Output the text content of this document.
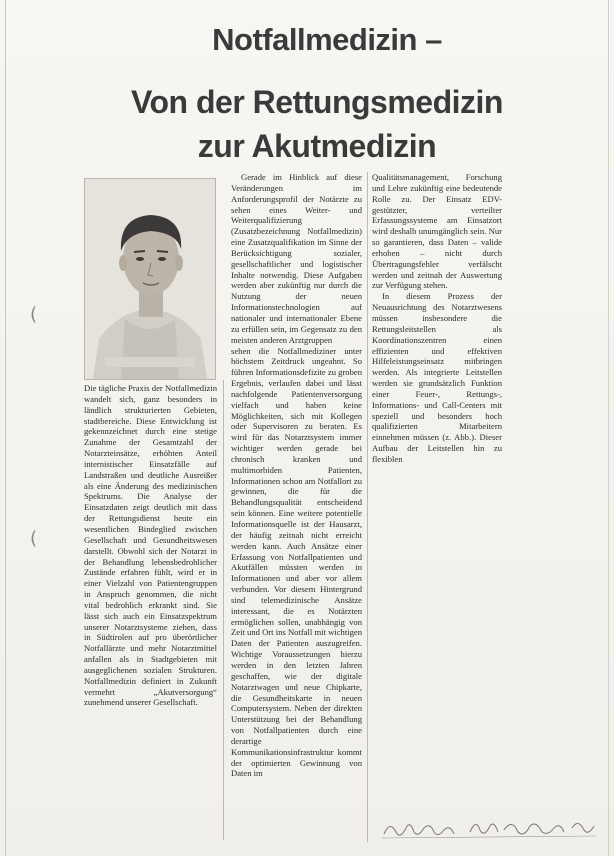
(
(
Notfallmedizin –
Von der Rettungsmedizin
zur Akutmedizin

Die tägliche Praxis der Notfallmedizin wandelt sich, ganz besonders in ländlich strukturierten Gebieten, stadtbereiche. Diese Entwicklung ist gekennzeichnet durch eine stetige Zunahme der Gesamtzahl der Notarzteinsätze, erhöhten Anteil internistischer Einsatzfälle auf Landstraßen und deutliche Ausreißer als eine Änderung des medizinischen Spektrums. Die Analyse der Einsatzdaten zeigt deutlich mit dass der Rettungsdienst heute ein wesentlichen Bindeglied zwischen Gesellschaft und Gesundheitswesen darstellt. Obwohl sich der Notarzt in der Behandlung lebensbedrohlicher Zustände erfahren fühlt, wird er in einer Vielzahl von Patientengruppen in Anspruch genommen, die nicht vital bedrohlich erkrankt sind. Sie lässt sich auch ein Einsatzspektrum unserer Notarztsysteme ziehen, dass in Südtirolen auf pro überörtlicher Notfallärzte und mehr Notarztmittel anfallen als in Stadtgebieten mit ausgeglichenen sozialen Strukturen. Notfallmedizin definiert in Zukunft vermehrt „Akutversorgung“ zunehmend unserer Gesellschaft.

Gerade im Hinblick auf diese Veränderungen im Anforderungsprofil der Notärzte zu sehen eines Weiter- und Weiterqualifizierung (Zusatzbezeichnung Notfallmedizin) eine Zusatzqualifikation im Sinne der Berücksichtigung sozialer, gesellschaftlicher und logistischer Inhalte notwendig. Diese Aufgaben werden aber zukünftig nur durch die Nutzung der neuen Informationstechnologien auf nationaler und internationaler Ebene zu erfüllen sein, im Gegensatz zu den meisten anderen Arztgruppen

sehen die Notfallmediziner unter höchstem Zeitdruck ungeahnt. So führen Informationsdefizite zu groben Ergebnis, verlaufen dabei und lässt nachfolgende Patientenversorgung vielfach und haben keine Möglichkeiten, sich mit Kollegen oder Supervisoren zu beraten. Es wird für das Notarztsystem immer wichtiger werden gerade bei chronisch kranken und multimorbiden Patienten, Informationen schon am Notfallort zu gewinnen, die für die Behandlungsqualität entscheidend sein können. Eine weitere potentielle Informationsquelle ist der Hausarzt, der häufig zeitnah nicht erreicht werden kann. Auch Ansätze einer Erfassung von Notfallpatienten und Akutfällen müssten werden in Informationen und aber vor allem verbunden. Vor diesem Hintergrund sind telemedizinische Ansätze interessant, die es Notärzten ermöglichen sollen, unabhängig von Zeit und Ort ins Notfall mit wichtigen Daten der Patienten auszugreifen. Wichtige Voraussetzungen hierzu werden in den letzten Jahren geschaffen, wie der digitale Notarztwagen und neue Chipkarte, die Gesundheitskarte in neuen Computersystem. Neben der direkten Unterstützung bei der Behandlung von Notfallpatienten durch eine derartige Kommunikationsinfrastruktur kommt der optimierten Gewinnung von Daten im

Qualitätsmanagement, Forschung und Lehre zukünftig eine bedeutende Rolle zu. Der Einsatz EDV-gestützter, verteilter Erfassungssysteme am Einsatzort wird deshalb unumgänglich sein. Nur so garantieren, dass Daten – valide erhoben – nicht durch Übertragungsfehler verfälscht werden und zeitnah der Auswertung zur Verfügung stehen.

In diesem Prozess der Neuausrichtung des Notarztwesens müssen insbesondere die Rettungsleitstellen als Koordinationszentren einen effizienten und effektiven Hilfeleistungseinsatz mitbringen werden. Als integrierte Leitstellen werden sie grundsätzlich Funktion einer Feuer-, Rettungs-, Informations- und Call-Centers mit speziell und besonders hoch qualifizierten Mitarbeitern einnehmen müssen (z. Abb.). Dieser Aufbau der Leitstellen hin zu flexiblen
